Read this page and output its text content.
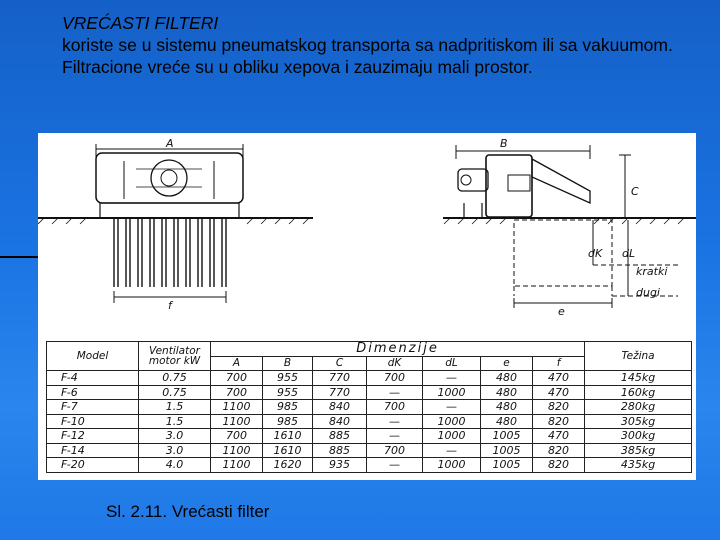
VREĆASTI FILTERI
koriste se u sistemu pneumatskog transporta sa nadpritiskom ili sa vakuumom. Filtracione vreće su u obliku xepova i zauzimaju mali prostor.
A
f
B
C
dK dL
kratki
dugi
e
Model	Ventilator motor kW	Dimenzije							Težina
		A	B	C	dK	dL	e	f	
F-4	0.75	700	955	770	700	—	480	470	145kg
F-6	0.75	700	955	770	—	1000	480	470	160kg
F-7	1.5	1100	985	840	700	—	480	820	280kg
F-10	1.5	1100	985	840	—	1000	480	820	305kg
F-12	3.0	700	1610	885	—	1000	1005	470	300kg
F-14	3.0	1100	1610	885	700	—	1005	820	385kg
F-20	4.0	1100	1620	935	—	1000	1005	820	435kg
Sl. 2.11. Vrećasti filter
